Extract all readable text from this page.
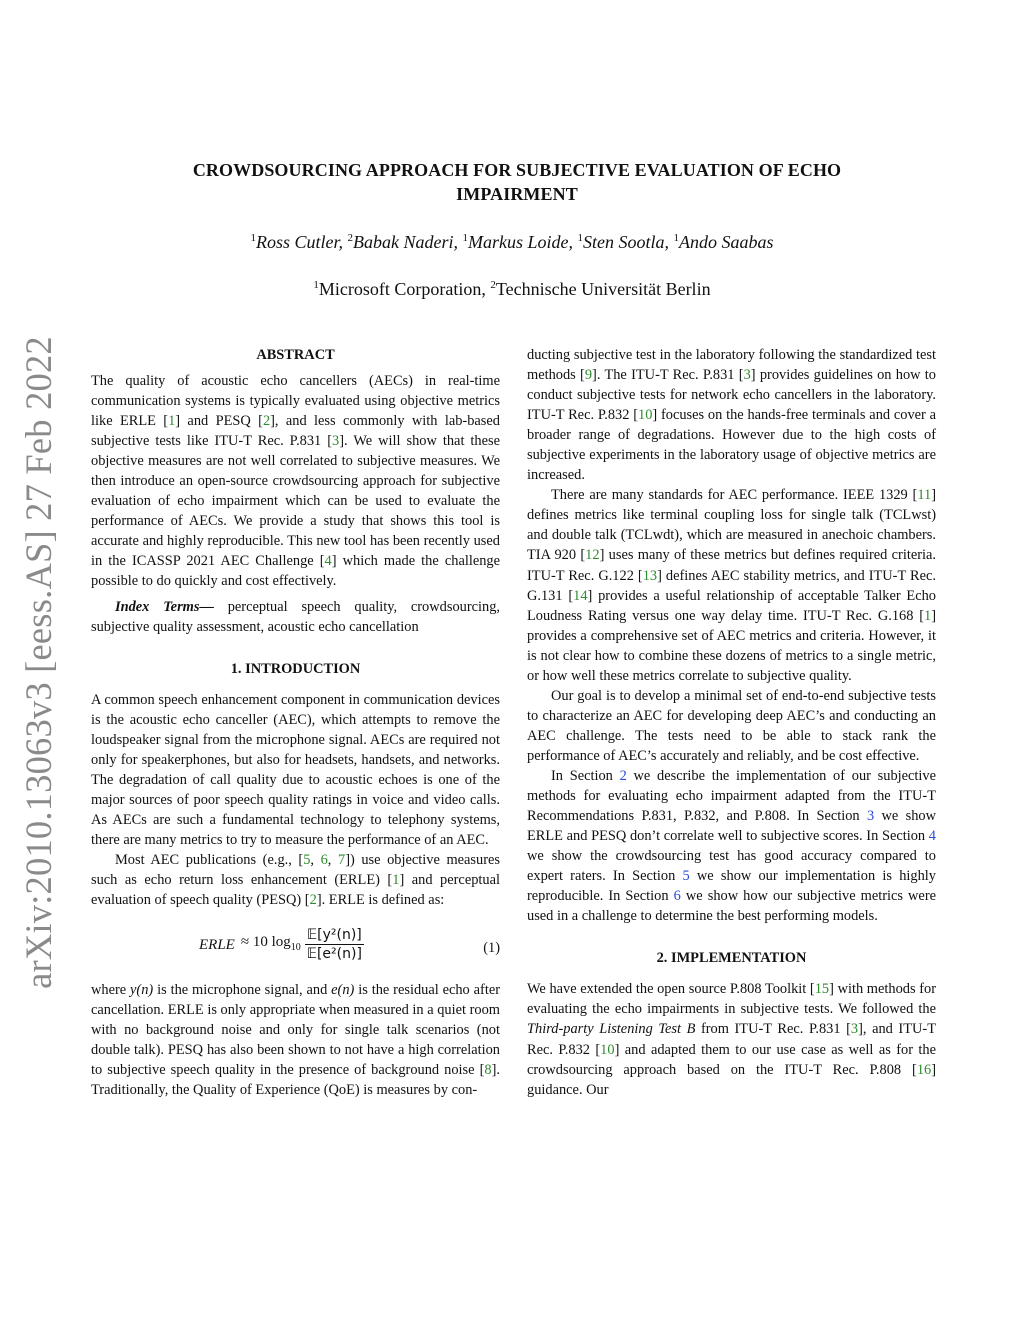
arXiv:2010.13063v3 [eess.AS] 27 Feb 2022
CROWDSOURCING APPROACH FOR SUBJECTIVE EVALUATION OF ECHO
IMPAIRMENT
$^1$Ross Cutler, $^2$Babak Naderi, $^1$Markus Loide, $^1$Sten Sootla, $^1$Ando Saabas
$^1$Microsoft Corporation, $^2$Technische Universität Berlin
ABSTRACT

The quality of acoustic echo cancellers (AECs) in real-time communication systems is typically evaluated using objective metrics like ERLE [1] and PESQ [2], and less commonly with lab-based subjective tests like ITU-T Rec. P.831 [3]. We will show that these objective measures are not well correlated to subjective measures. We then introduce an open-source crowdsourcing approach for subjective evaluation of echo impairment which can be used to evaluate the performance of AECs. We provide a study that shows this tool is accurate and highly reproducible. This new tool has been recently used in the ICASSP 2021 AEC Challenge [4] which made the challenge possible to do quickly and cost effectively.

Index Terms— perceptual speech quality, crowdsourcing, subjective quality assessment, acoustic echo cancellation

1. INTRODUCTION

A common speech enhancement component in communication devices is the acoustic echo canceller (AEC), which attempts to remove the loudspeaker signal from the microphone signal. AECs are required not only for speakerphones, but also for headsets, handsets, and networks. The degradation of call quality due to acoustic echoes is one of the major sources of poor speech quality ratings in voice and video calls. As AECs are such a fundamental technology to telephony systems, there are many metrics to try to measure the performance of an AEC.

Most AEC publications (e.g., [5, 6, 7]) use objective measures such as echo return loss enhancement (ERLE) [1] and perceptual evaluation of speech quality (PESQ) [2]. ERLE is defined as:

ERLE ≈ 10 $\log_{10} \frac{\text{𝔼[y²(n)]}}{\text{𝔼[e²(n)]}}$	(1)

where y(n) is the microphone signal, and e(n) is the residual echo after cancellation. ERLE is only appropriate when measured in a quiet room with no background noise and only for single talk scenarios (not double talk). PESQ has also been shown to not have a high correlation to subjective speech quality in the presence of background noise [8]. Traditionally, the Quality of Experience (QoE) is measures by con-

ducting subjective test in the laboratory following the standardized test methods [9]. The ITU-T Rec. P.831 [3] provides guidelines on how to conduct subjective tests for network echo cancellers in the laboratory. ITU-T Rec. P.832 [10] focuses on the hands-free terminals and cover a broader range of degradations. However due to the high costs of subjective experiments in the laboratory usage of objective metrics are increased.

There are many standards for AEC performance. IEEE 1329 [11] defines metrics like terminal coupling loss for single talk (TCLwst) and double talk (TCLwdt), which are measured in anechoic chambers. TIA 920 [12] uses many of these metrics but defines required criteria. ITU-T Rec. G.122 [13] defines AEC stability metrics, and ITU-T Rec. G.131 [14] provides a useful relationship of acceptable Talker Echo Loudness Rating versus one way delay time. ITU-T Rec. G.168 [1] provides a comprehensive set of AEC metrics and criteria. However, it is not clear how to combine these dozens of metrics to a single metric, or how well these metrics correlate to subjective quality.

Our goal is to develop a minimal set of end-to-end subjective tests to characterize an AEC for developing deep AEC’s and conducting an AEC challenge. The tests need to be able to stack rank the performance of AEC’s accurately and reliably, and be cost effective.

In Section 2 we describe the implementation of our subjective methods for evaluating echo impairment adapted from the ITU-T Recommendations P.831, P.832, and P.808. In Section 3 we show ERLE and PESQ don’t correlate well to subjective scores. In Section 4 we show the crowdsourcing test has good accuracy compared to expert raters. In Section 5 we show our implementation is highly reproducible. In Section 6 we show how our subjective metrics were used in a challenge to determine the best performing models.

2. IMPLEMENTATION

We have extended the open source P.808 Toolkit [15] with methods for evaluating the echo impairments in subjective tests. We followed the Third-party Listening Test B from ITU-T Rec. P.831 [3], and ITU-T Rec. P.832 [10] and adapted them to our use case as well as for the crowdsourcing approach based on the ITU-T Rec. P.808 [16] guidance. Our
